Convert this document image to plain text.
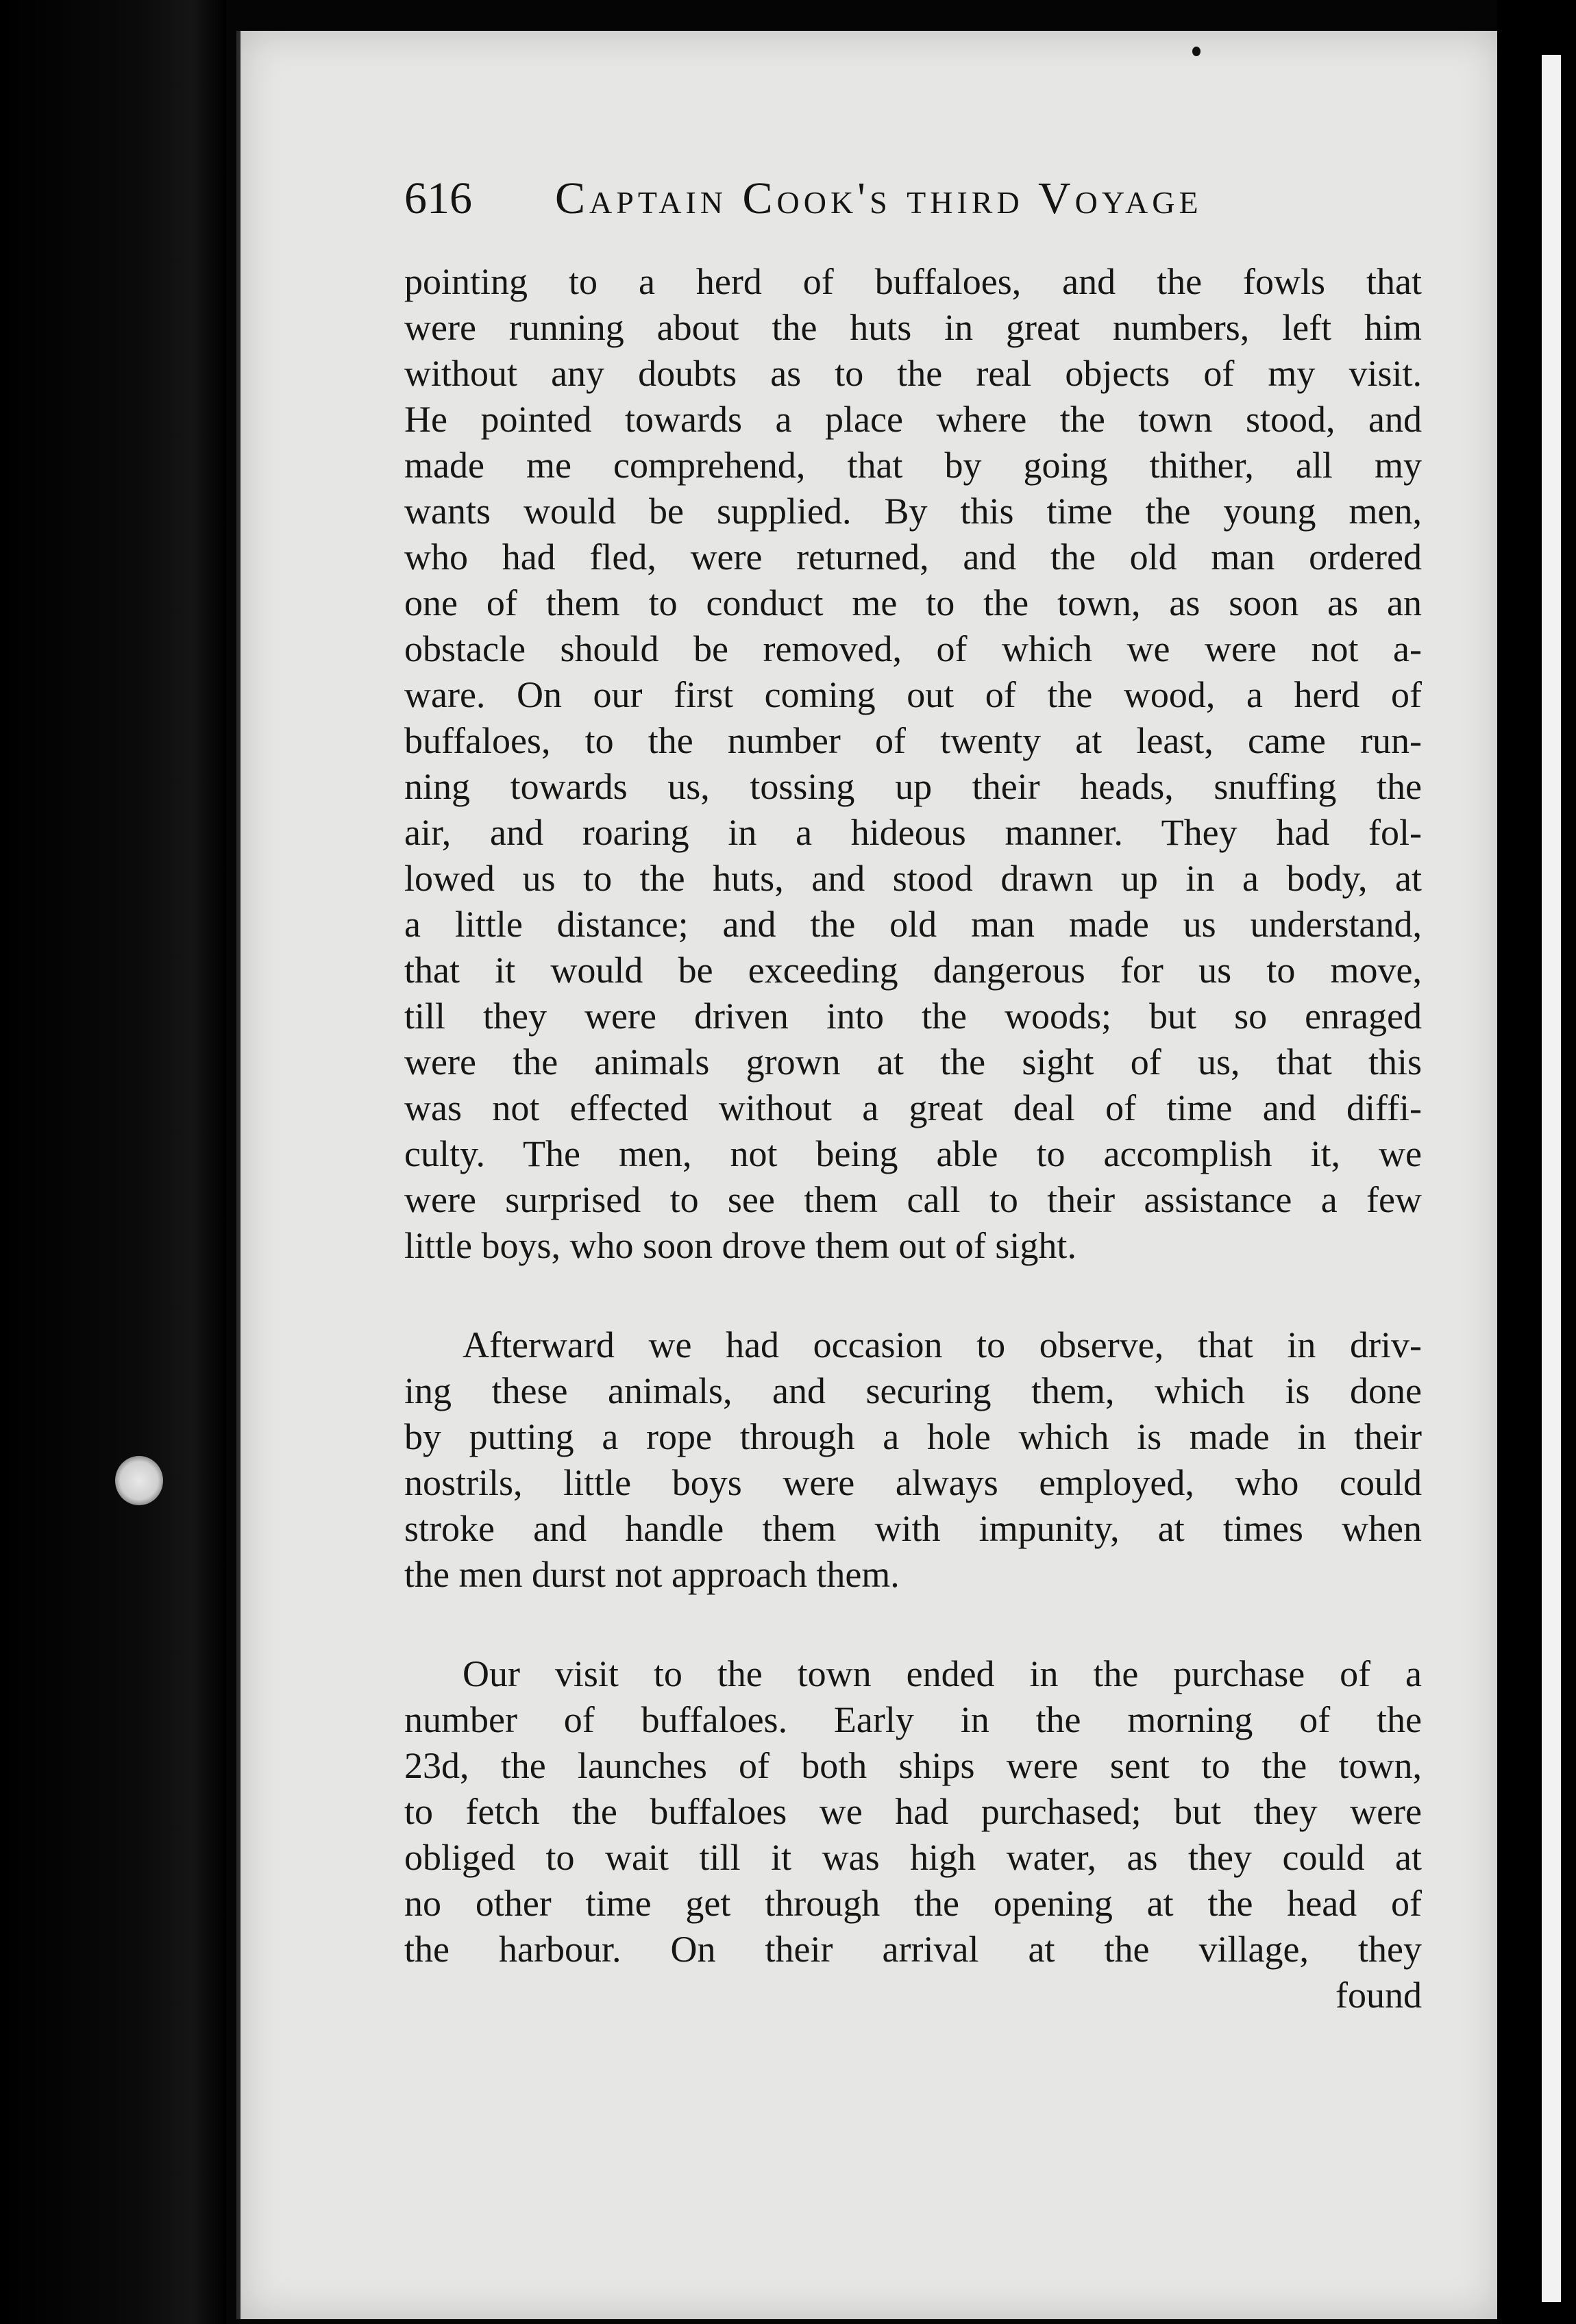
616 Captain Cook's third Voyage
pointing to a herd of buffaloes, and the fowls that
were running about the huts in great numbers, left him
without any doubts as to the real objects of my visit.
He pointed towards a place where the town stood, and
made me comprehend, that by going thither, all my
wants would be supplied. By this time the young men,
who had fled, were returned, and the old man ordered
one of them to conduct me to the town, as soon as an
obstacle should be removed, of which we were not a-
ware. On our first coming out of the wood, a herd of
buffaloes, to the number of twenty at least, came run-
ning towards us, tossing up their heads, snuffing the
air, and roaring in a hideous manner. They had fol-
lowed us to the huts, and stood drawn up in a body, at
a little distance; and the old man made us understand,
that it would be exceeding dangerous for us to move,
till they were driven into the woods; but so enraged
were the animals grown at the sight of us, that this
was not effected without a great deal of time and diffi-
culty. The men, not being able to accomplish it, we
were surprised to see them call to their assistance a few
little boys, who soon drove them out of sight.
Afterward we had occasion to observe, that in driv-
ing these animals, and securing them, which is done
by putting a rope through a hole which is made in their
nostrils, little boys were always employed, who could
stroke and handle them with impunity, at times when
the men durst not approach them.
Our visit to the town ended in the purchase of a
number of buffaloes. Early in the morning of the
23d, the launches of both ships were sent to the town,
to fetch the buffaloes we had purchased; but they were
obliged to wait till it was high water, as they could at
no other time get through the opening at the head of
the harbour. On their arrival at the village, they
found
